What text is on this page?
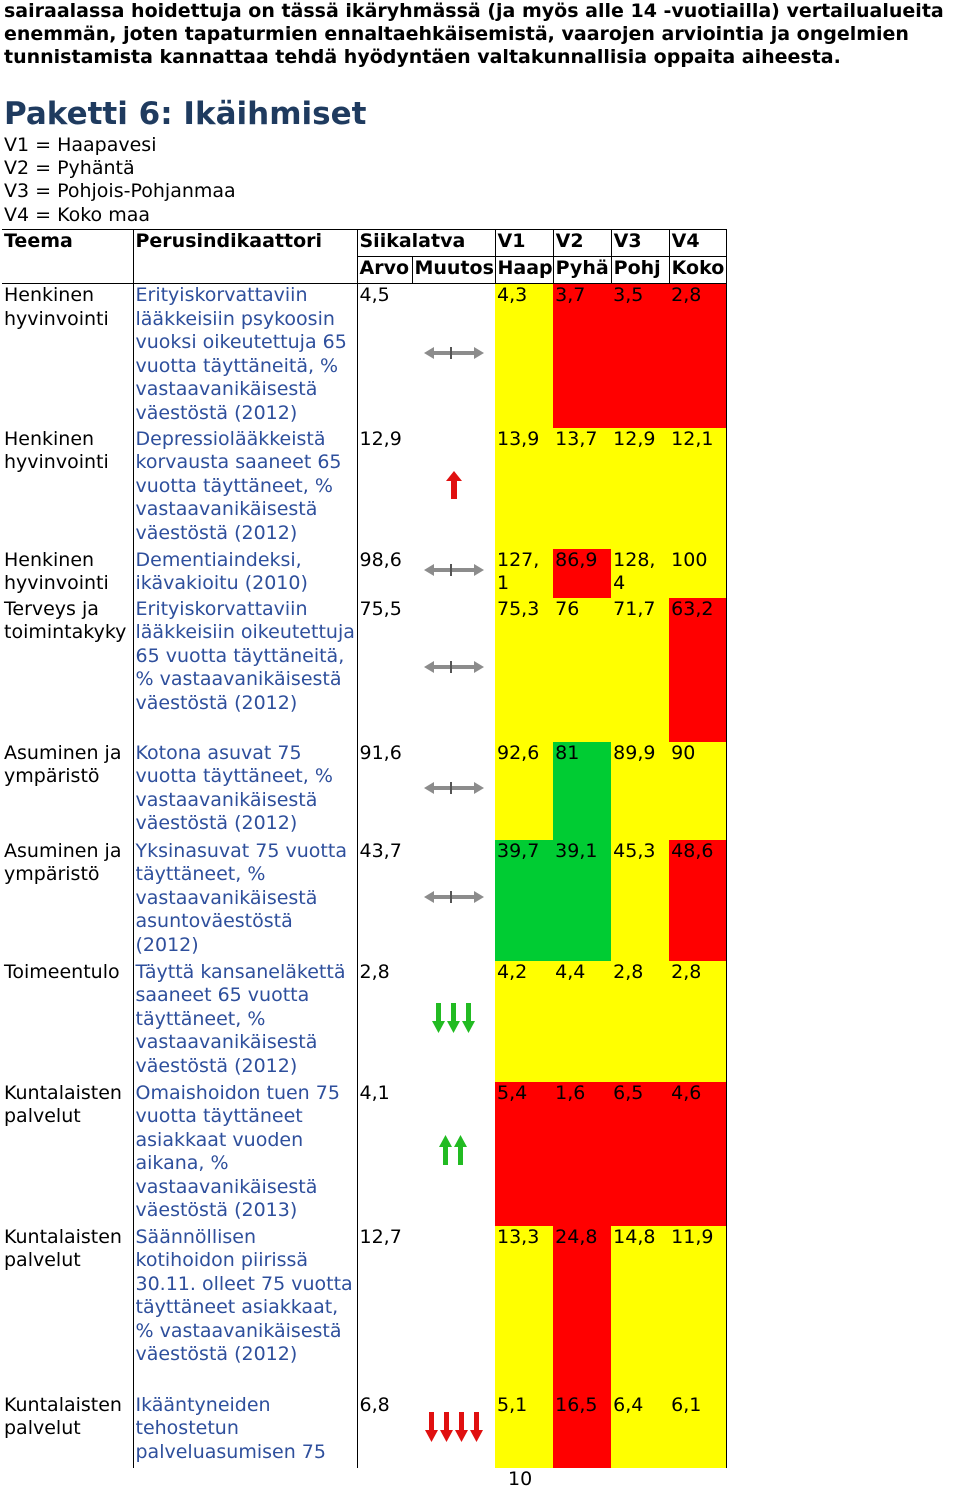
sairaalassa hoidettuja on tässä ikäryhmässä (ja myös alle 14 -vuotiailla) vertailualueita enemmän, joten tapaturmien ennaltaehkäisemistä, vaarojen arviointia ja ongelmien tunnistamista kannattaa tehdä hyödyntäen valtakunnallisia oppaita aiheesta.
Paketti 6: Ikäihmiset
V1 = Haapavesi
V2 = Pyhäntä
V3 = Pohjois-Pohjanmaa
V4 = Koko maa
Teema	Perusindikaattori	Siikalatva		V1	V2	V3	V4
		Arvo	Muutos	Haap	Pyhä	Pohj	Koko
Henkinen hyvinvointi	Erityiskorvattaviin lääkkeisiin psykoosin vuoksi oikeutettuja 65 vuotta täyttäneitä, % vastaavanikäisestä väestöstä (2012)	4,5		4,3	3,7	3,5	2,8
Henkinen hyvinvointi	Depressiolääkkeistä korvausta saaneet 65 vuotta täyttäneet, % vastaavanikäisestä väestöstä (2012)	12,9		13,9	13,7	12,9	12,1
Henkinen hyvinvointi	Dementiaindeksi, ikävakioitu (2010)	98,6		127, 1	86,9	128, 4	100
Terveys ja toimintakyky	Erityiskorvattaviin lääkkeisiin oikeutettuja 65 vuotta täyttäneitä, % vastaavanikäisestä väestöstä (2012)	75,5		75,3	76	71,7	63,2
Asuminen ja ympäristö	Kotona asuvat 75 vuotta täyttäneet, % vastaavanikäisestä väestöstä (2012)	91,6		92,6	81	89,9	90
Asuminen ja ympäristö	Yksinasuvat 75 vuotta täyttäneet, % vastaavanikäisestä asuntoväestöstä (2012)	43,7		39,7	39,1	45,3	48,6
Toimeentulo	Täyttä kansaneläkettä saaneet 65 vuotta täyttäneet, % vastaavanikäisestä väestöstä (2012)	2,8		4,2	4,4	2,8	2,8
Kuntalaisten palvelut	Omaishoidon tuen 75 vuotta täyttäneet asiakkaat vuoden aikana, % vastaavanikäisestä väestöstä (2013)	4,1		5,4	1,6	6,5	4,6
Kuntalaisten palvelut	Säännöllisen kotihoidon piirissä 30.11. olleet 75 vuotta täyttäneet asiakkaat, % vastaavanikäisestä väestöstä (2012)	12,7		13,3	24,8	14,8	11,9
Kuntalaisten palvelut	Ikääntyneiden tehostetun palveluasumisen 75	6,8		5,1	16,5	6,4	6,1
10
